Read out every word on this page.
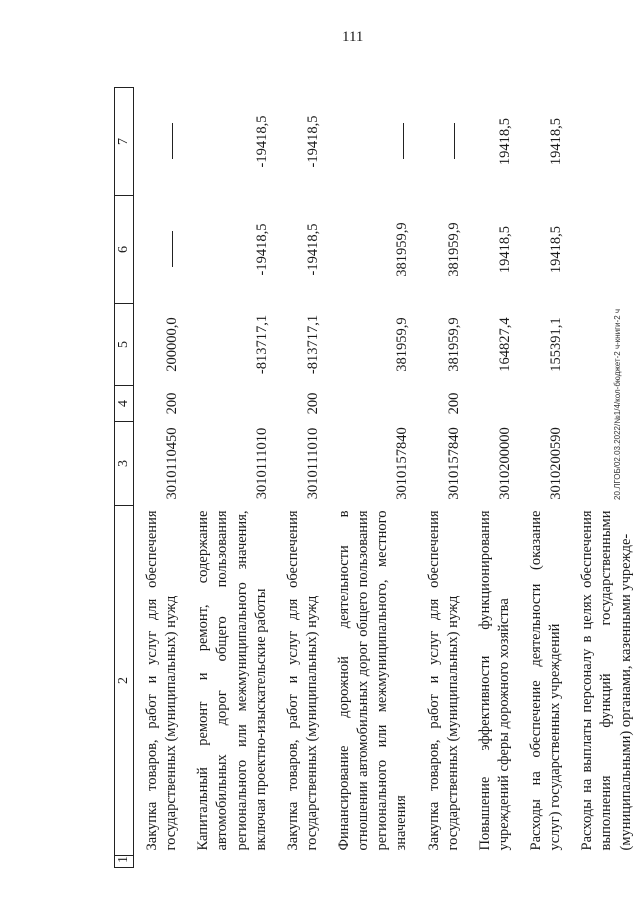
111
20.ЛГОБ/02.03.2022/№1/4/кол-бюджет-2 ч-книги-2 ч
1	2	3	4	5	6	7
	Закупка товаров, работ и услуг для обеспечения государственных (муниципальных) нужд	3010110450	200	200000,0		
	Капитальный ремонт и ремонт, содержание автомобильных дорог общего пользования регионального или межмуниципального значения, включая проектно-изыскательские работы	3010111010		-813717,1	-19418,5	-19418,5
	Закупка товаров, работ и услуг для обеспечения государственных (муниципальных) нужд	3010111010	200	-813717,1	-19418,5	-19418,5
	Финансирование дорожной деятельности в отношении автомобильных дорог общего пользования регионального или межмуниципального, местного значения	3010157840		381959,9	381959,9	
	Закупка товаров, работ и услуг для обеспечения государственных (муниципальных) нужд	3010157840	200	381959,9	381959,9	
	Повышение эффективности функционирования учреждений сферы дорожного хозяйства	3010200000		164827,4	19418,5	19418,5
	Расходы на обеспечение деятельности (оказание услуг) государственных учреждений	3010200590		155391,1	19418,5	19418,5
	Расходы на выплаты персоналу в целях обеспечения выполнения функций государственными (муниципальными) органами, казенными учрежде-					
